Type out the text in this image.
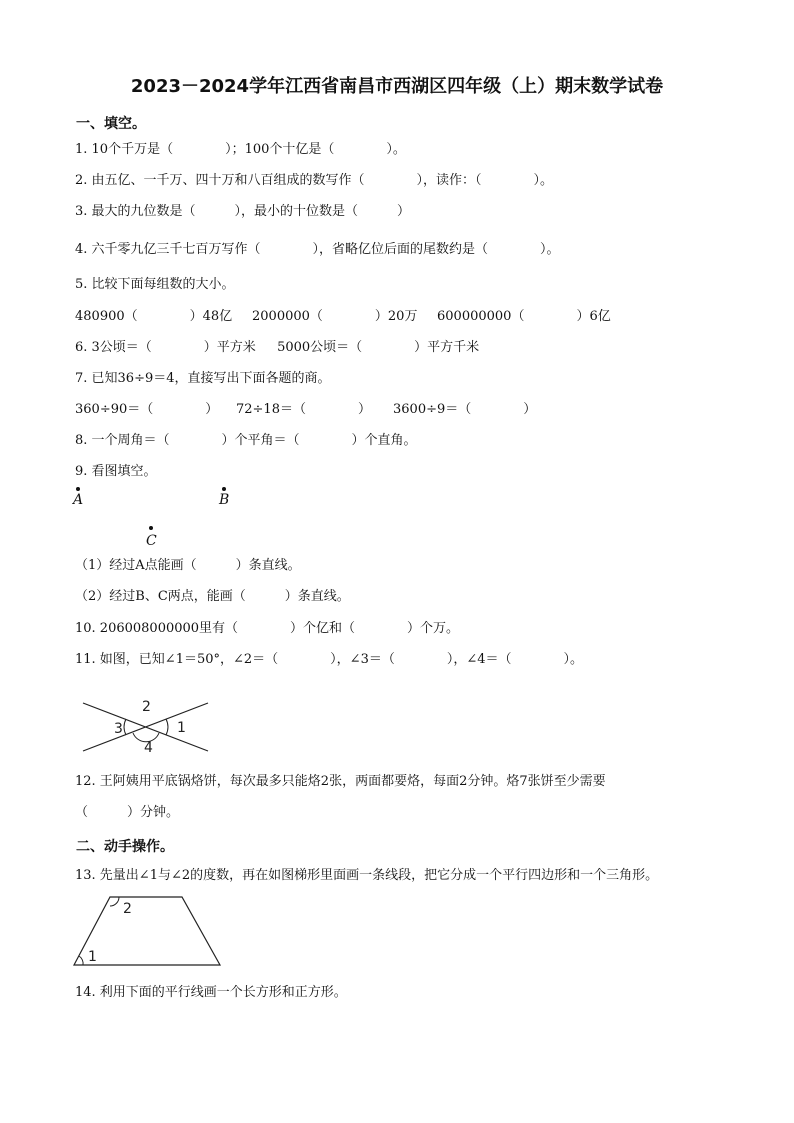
2023－2024学年江西省南昌市西湖区四年级（上）期末数学试卷
一、填空。
1. 10个千万是（　　　　）；100个十亿是（　　　　）。
2. 由五亿、一千万、四十万和八百组成的数写作（　　　　），读作：（　　　　）。
3. 最大的九位数是（　　　），最小的十位数是（　　　）
4. 六千零九亿三千七百万写作（　　　　），省略亿位后面的尾数约是（　　　　）。
5. 比较下面每组数的大小。
480900（　　　　）48亿 2000000（　　　　）20万 600000000（　　　　）6亿
6. 3公顷＝（　　　　）平方米　  5000公顷＝（　　　　）平方千米
7. 已知36÷9＝4，直接写出下面各题的商。
360÷90＝（　　　　） 72÷18＝（　　　　） 3600÷9＝（　　　　）
8. 一个周角＝（　　　　）个平角＝（　　　　）个直角。
9. 看图填空。
A	B
C
（1）经过A点能画（　　　）条直线。
（2）经过B、C两点，能画（　　　）条直线。
10. 206008000000里有（　　　　）个亿和（　　　　）个万。
11. 如图，已知∠1＝50°，∠2＝（　　　　），∠3＝（　　　　），∠4＝（　　　　）。
1
2
3
4
12. 王阿姨用平底锅烙饼，每次最多只能烙2张，两面都要烙，每面2分钟。烙7张饼至少需要
（　　　）分钟。
二、动手操作。
13. 先量出∠1与∠2的度数，再在如图梯形里面画一条线段，把它分成一个平行四边形和一个三角形。
1
2
14. 利用下面的平行线画一个长方形和正方形。
